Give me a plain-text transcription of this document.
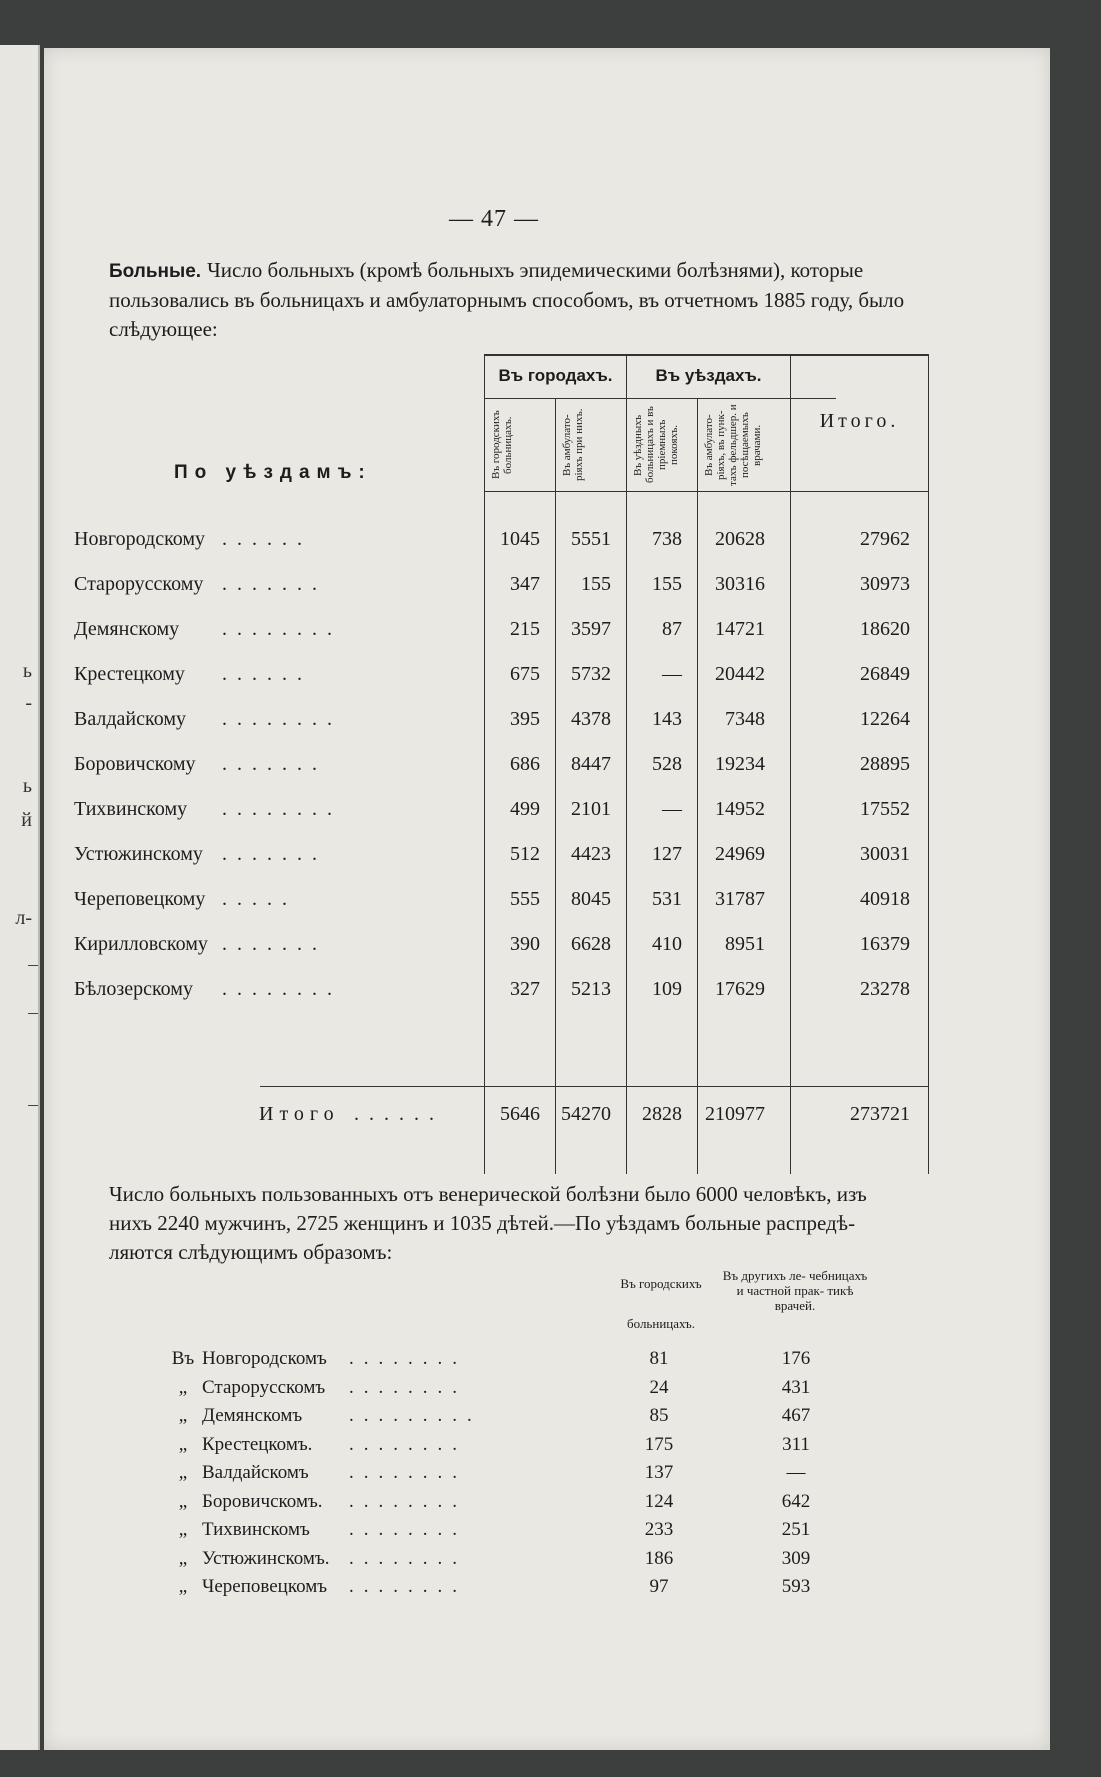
ь
-
ь
й
л-
— 47 —
Больные. Число больныхъ (кромѣ больныхъ эпидемическими болѣзнями), которые
пользовались въ больницахъ и амбулаторнымъ способомъ, въ отчетномъ 1885 году, было
слѣдующее:
Въ городахъ.	Въ уѣздахъ.
Итого.
Въ городскихъ больницахъ.	Въ амбулато- ріяхъ при нихъ.	Въ уѣздныхъ больницахъ и въ пріемныхъ покояхъ.	Въ амбулато- ріяхъ, въ пунк- тахъ фельдшер. и посѣщаемыхъ врачами.
По уѣздамъ:
Новгородскому ......	1045	5551	738	20628	27962
Старорусскому .......	347	155	155	30316	30973
Демянскому ........	215	3597	87	14721	18620
Крестецкому ......	675	5732	—	20442	26849
Валдайскому ........	395	4378	143	7348	12264
Боровичскому .......	686	8447	528	19234	28895
Тихвинскому ........	499	2101	—	14952	17552
Устюжинскому .......	512	4423	127	24969	30031
Череповецкому .....	555	8045	531	31787	40918
Кирилловскому .......	390	6628	410	8951	16379
Бѣлозерскому ........	327	5213	109	17629	23278
Итого ......	5646	54270	2828	210977	273721
Число больныхъ пользованныхъ отъ венерической болѣзни было 6000 человѣкъ, изъ
нихъ 2240 мужчинъ, 2725 женщинъ и 1035 дѣтей.—По уѣздамъ больные распредѣ-
ляются слѣдующимъ образомъ:
Въ городскихъ
больницахъ.
Въ другихъ ле- чебницахъ и частной прак- тикѣ врачей.
Въ Новгородскомъ ........	81	176
„ Старорусскомъ ........	24	431
„ Демянскомъ .........	85	467
„ Крестецкомъ. ........	175	311
„ Валдайскомъ ........	137	—
„ Боровичскомъ. ........	124	642
„ Тихвинскомъ ........	233	251
„ Устюжинскомъ. ........	186	309
„ Череповецкомъ ........	97	593
